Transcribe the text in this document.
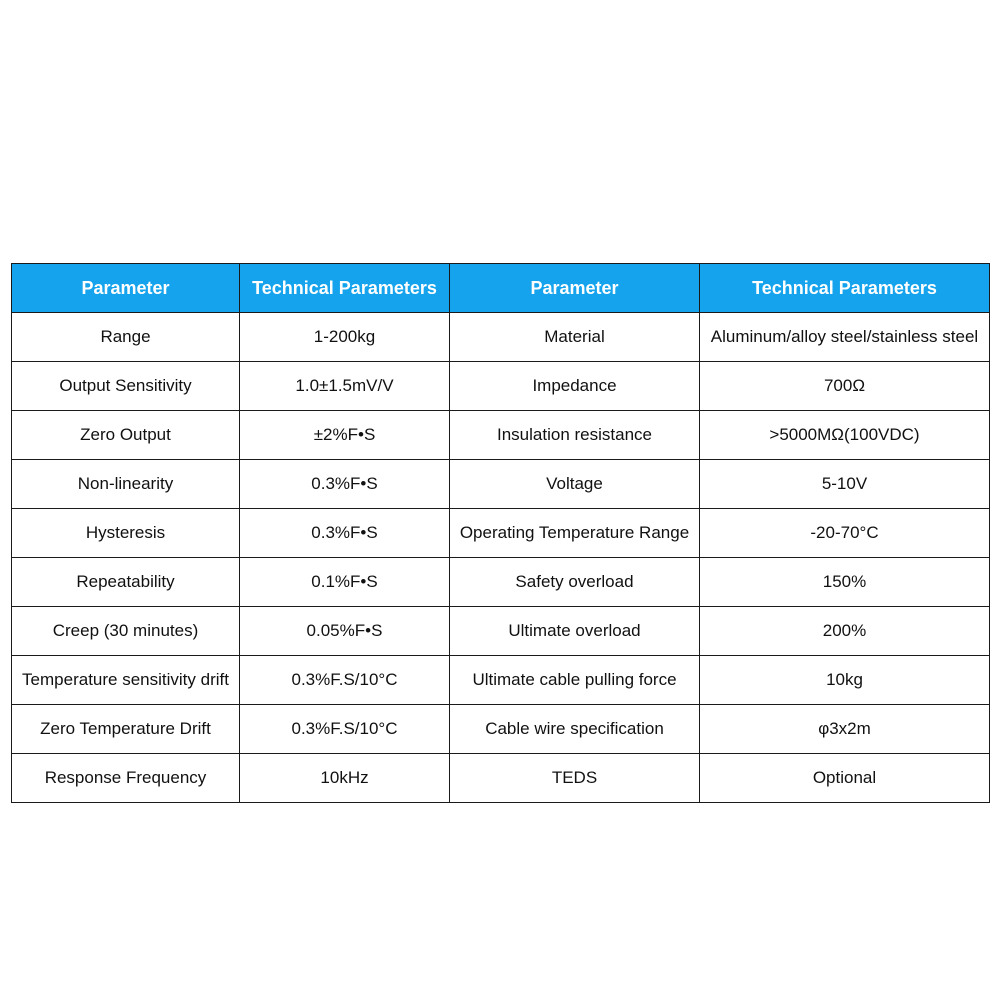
Parameter	Technical Parameters	Parameter	Technical Parameters
Range	1-200kg	Material	Aluminum/alloy steel/stainless steel
Output Sensitivity	1.0±1.5mV/V	Impedance	700Ω
Zero Output	±2%F•S	Insulation resistance	>5000MΩ(100VDC)
Non-linearity	0.3%F•S	Voltage	5-10V
Hysteresis	0.3%F•S	Operating Temperature Range	-20-70°C
Repeatability	0.1%F•S	Safety overload	150%
Creep (30 minutes)	0.05%F•S	Ultimate overload	200%
Temperature sensitivity drift	0.3%F.S/10°C	Ultimate cable pulling force	10kg
Zero Temperature Drift	0.3%F.S/10°C	Cable wire specification	φ3x2m
Response Frequency	10kHz	TEDS	Optional
